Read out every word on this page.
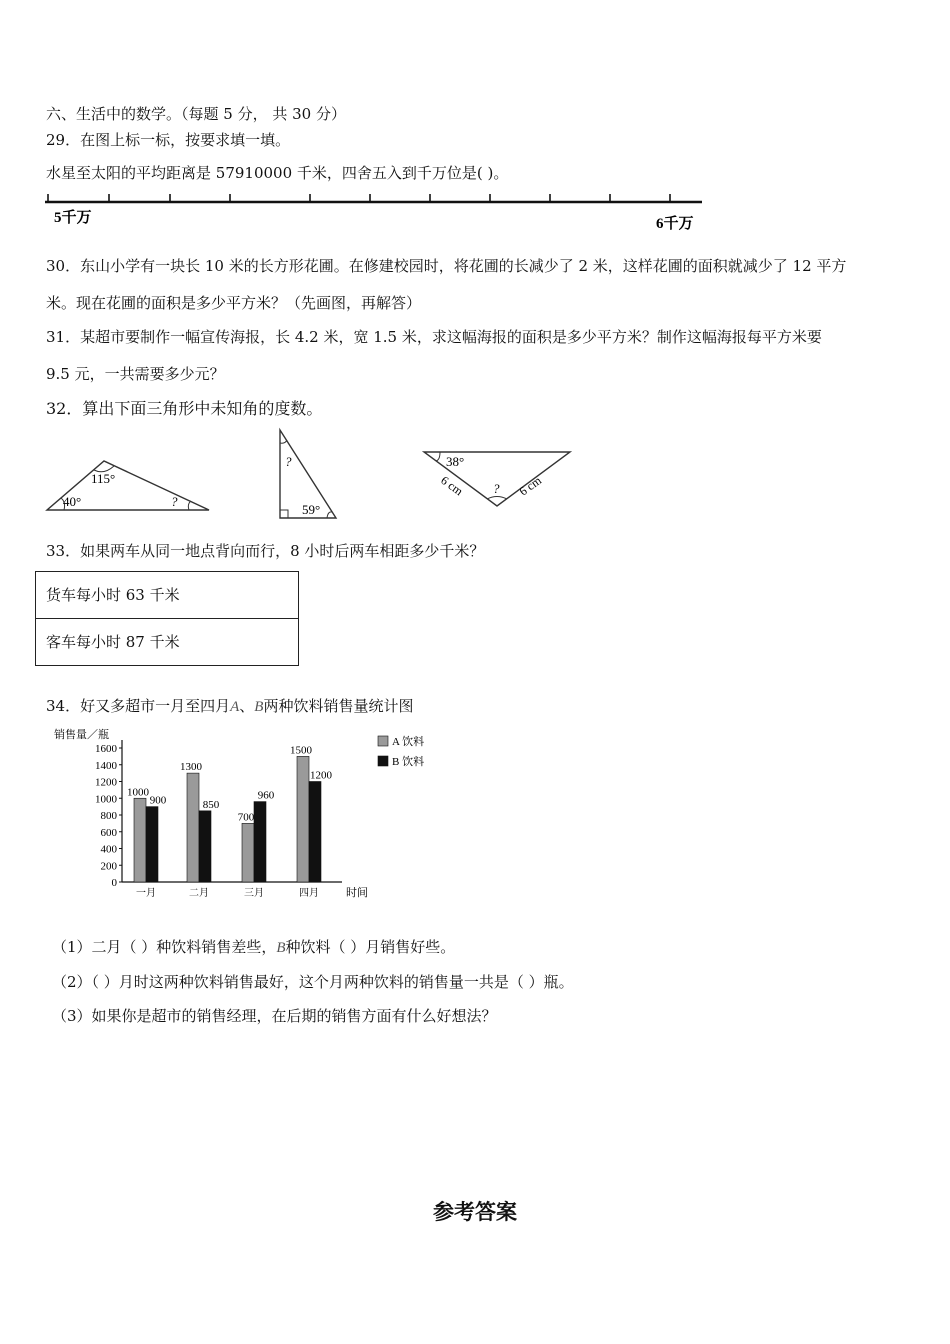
六、生活中的数学。（每题 5 分， 共 30 分）
29．在图上标一标，按要求填一填。
水星至太阳的平均距离是 57910000 千米，四舍五入到千万位是( )。
5千万	6千万
30．东山小学有一块长 10 米的长方形花圃。在修建校园时，将花圃的长减少了 2 米，这样花圃的面积就减少了 12 平方
米。现在花圃的面积是多少平方米？（先画图，再解答）
31．某超市要制作一幅宣传海报，长 4.2 米，宽 1.5 米，求这幅海报的面积是多少平方米？制作这幅海报每平方米要
9.5 元，一共需要多少元？
32．算出下面三角形中未知角的度数。
115°
40°	?
?
59°
38°
6 cm	6 cm
?
33．如果两车从同一地点背向而行，8 小时后两车相距多少千米？
货车每小时 63 千米
客车每小时 87 千米
34．好又多超市一月至四月A、B两种饮料销售量统计图
销售量／瓶
时间
0
200
400
600
800
1000
1200
1400
1600
一月
1000
900
二月
1300
850
三月
700
960
四月
1500
1200
A 饮料
B 饮料
（1）二月（ ）种饮料销售差些，B种饮料（ ）月销售好些。
（2）（ ）月时这两种饮料销售最好，这个月两种饮料的销售量一共是（ ）瓶。
（3）如果你是超市的销售经理，在后期的销售方面有什么好想法？
参考答案
